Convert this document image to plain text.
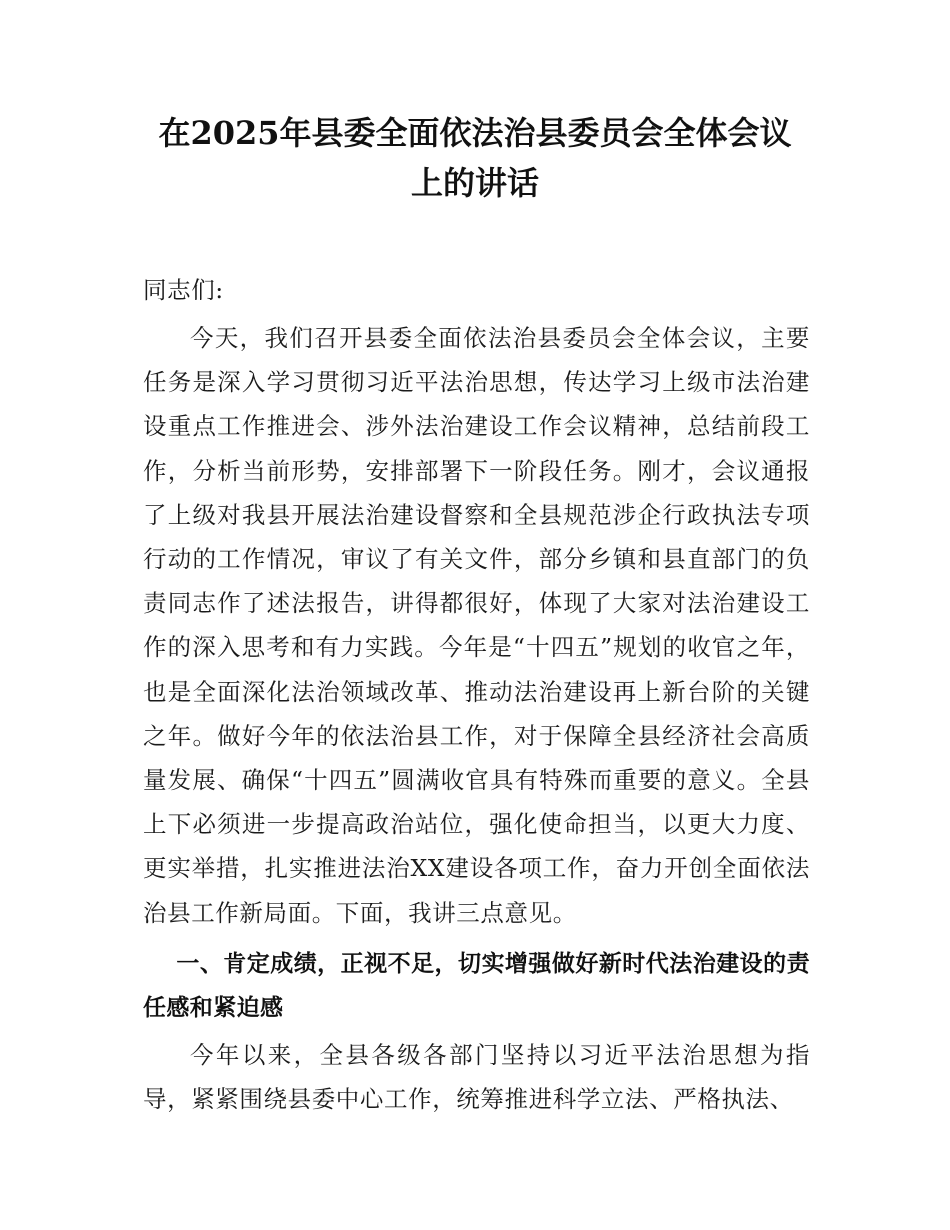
在2025年县委全面依法治县委员会全体会议
上的讲话

同志们:

今天，我们召开县委全面依法治县委员会全体会议，主要任务是深入学习贯彻习近平法治思想，传达学习上级市法治建设重点工作推进会、涉外法治建设工作会议精神，总结前段工作，分析当前形势，安排部署下一阶段任务。刚才，会议通报了上级对我县开展法治建设督察和全县规范涉企行政执法专项行动的工作情况，审议了有关文件，部分乡镇和县直部门的负责同志作了述法报告，讲得都很好，体现了大家对法治建设工作的深入思考和有力实践。今年是“十四五”规划的收官之年，也是全面深化法治领域改革、推动法治建设再上新台阶的关键之年。做好今年的依法治县工作，对于保障全县经济社会高质量发展、确保“十四五”圆满收官具有特殊而重要的意义。全县上下必须进一步提高政治站位，强化使命担当，以更大力度、更实举措，扎实推进法治XX建设各项工作，奋力开创全面依法治县工作新局面。下面，我讲三点意见。

一、肯定成绩，正视不足，切实增强做好新时代法治建设的责任感和紧迫感

今年以来，全县各级各部门坚持以习近平法治思想为指导，紧紧围绕县委中心工作，统筹推进科学立法、严格执法、
